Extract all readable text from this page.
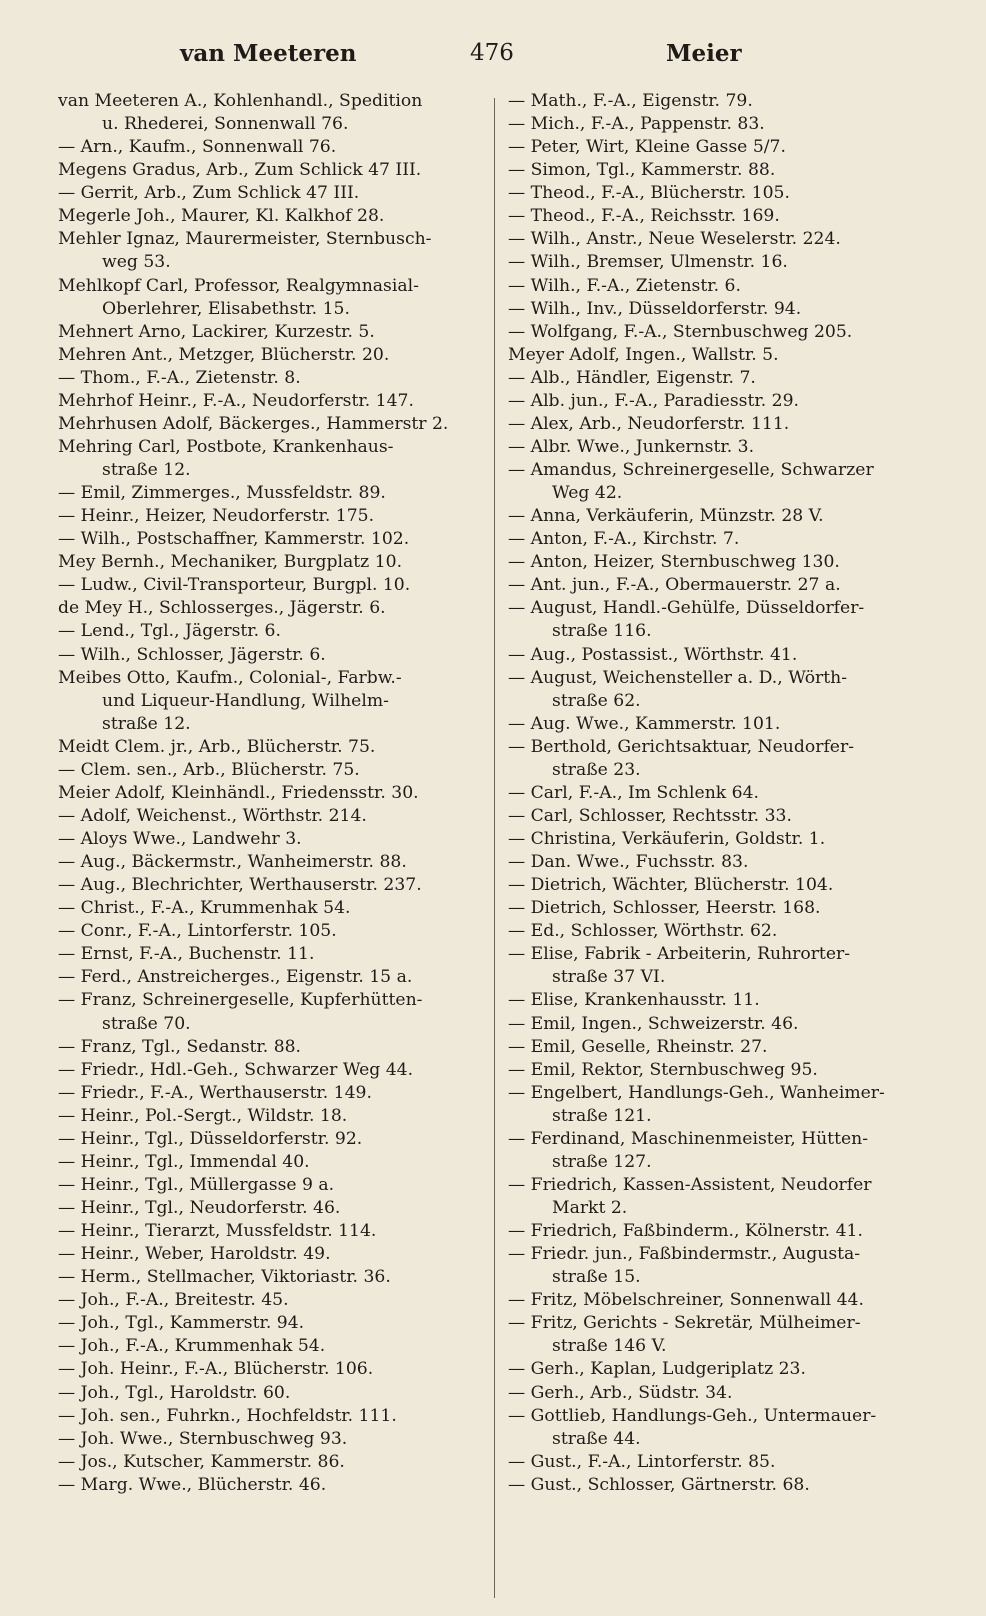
van Meeteren	476	Meier
van Meeteren A., Kohlenhandl., Spedition
u. Rhederei, Sonnenwall 76.
— Arn., Kaufm., Sonnenwall 76.
Megens Gradus, Arb., Zum Schlick 47 III.
— Gerrit, Arb., Zum Schlick 47 III.
Megerle Joh., Maurer, Kl. Kalkhof 28.
Mehler Ignaz, Maurermeister, Sternbusch-
weg 53.
Mehlkopf Carl, Professor, Realgymnasial-
Oberlehrer, Elisabethstr. 15.
Mehnert Arno, Lackirer, Kurzestr. 5.
Mehren Ant., Metzger, Blücherstr. 20.
— Thom., F.-A., Zietenstr. 8.
Mehrhof Heinr., F.-A., Neudorferstr. 147.
Mehrhusen Adolf, Bäckerges., Hammerstr 2.
Mehring Carl, Postbote, Krankenhaus-
straße 12.
— Emil, Zimmerges., Mussfeldstr. 89.
— Heinr., Heizer, Neudorferstr. 175.
— Wilh., Postschaffner, Kammerstr. 102.
Mey Bernh., Mechaniker, Burgplatz 10.
— Ludw., Civil-Transporteur, Burgpl. 10.
de Mey H., Schlosserges., Jägerstr. 6.
— Lend., Tgl., Jägerstr. 6.
— Wilh., Schlosser, Jägerstr. 6.
Meibes Otto, Kaufm., Colonial-, Farbw.-
und Liqueur-Handlung, Wilhelm-
straße 12.
Meidt Clem. jr., Arb., Blücherstr. 75.
— Clem. sen., Arb., Blücherstr. 75.
Meier Adolf, Kleinhändl., Friedensstr. 30.
— Adolf, Weichenst., Wörthstr. 214.
— Aloys Wwe., Landwehr 3.
— Aug., Bäckermstr., Wanheimerstr. 88.
— Aug., Blechrichter, Werthauserstr. 237.
— Christ., F.-A., Krummenhak 54.
— Conr., F.-A., Lintorferstr. 105.
— Ernst, F.-A., Buchenstr. 11.
— Ferd., Anstreicherges., Eigenstr. 15 a.
— Franz, Schreinergeselle, Kupferhütten-
straße 70.
— Franz, Tgl., Sedanstr. 88.
— Friedr., Hdl.-Geh., Schwarzer Weg 44.
— Friedr., F.-A., Werthauserstr. 149.
— Heinr., Pol.-Sergt., Wildstr. 18.
— Heinr., Tgl., Düsseldorferstr. 92.
— Heinr., Tgl., Immendal 40.
— Heinr., Tgl., Müllergasse 9 a.
— Heinr., Tgl., Neudorferstr. 46.
— Heinr., Tierarzt, Mussfeldstr. 114.
— Heinr., Weber, Haroldstr. 49.
— Herm., Stellmacher, Viktoriastr. 36.
— Joh., F.-A., Breitestr. 45.
— Joh., Tgl., Kammerstr. 94.
— Joh., F.-A., Krummenhak 54.
— Joh. Heinr., F.-A., Blücherstr. 106.
— Joh., Tgl., Haroldstr. 60.
— Joh. sen., Fuhrkn., Hochfeldstr. 111.
— Joh. Wwe., Sternbuschweg 93.
— Jos., Kutscher, Kammerstr. 86.
— Marg. Wwe., Blücherstr. 46.
— Math., F.-A., Eigenstr. 79.
— Mich., F.-A., Pappenstr. 83.
— Peter, Wirt, Kleine Gasse 5/7.
— Simon, Tgl., Kammerstr. 88.
— Theod., F.-A., Blücherstr. 105.
— Theod., F.-A., Reichsstr. 169.
— Wilh., Anstr., Neue Weselerstr. 224.
— Wilh., Bremser, Ulmenstr. 16.
— Wilh., F.-A., Zietenstr. 6.
— Wilh., Inv., Düsseldorferstr. 94.
— Wolfgang, F.-A., Sternbuschweg 205.
Meyer Adolf, Ingen., Wallstr. 5.
— Alb., Händler, Eigenstr. 7.
— Alb. jun., F.-A., Paradiesstr. 29.
— Alex, Arb., Neudorferstr. 111.
— Albr. Wwe., Junkernstr. 3.
— Amandus, Schreinergeselle, Schwarzer
Weg 42.
— Anna, Verkäuferin, Münzstr. 28 V.
— Anton, F.-A., Kirchstr. 7.
— Anton, Heizer, Sternbuschweg 130.
— Ant. jun., F.-A., Obermauerstr. 27 a.
— August, Handl.-Gehülfe, Düsseldorfer-
straße 116.
— Aug., Postassist., Wörthstr. 41.
— August, Weichensteller a. D., Wörth-
straße 62.
— Aug. Wwe., Kammerstr. 101.
— Berthold, Gerichtsaktuar, Neudorfer-
straße 23.
— Carl, F.-A., Im Schlenk 64.
— Carl, Schlosser, Rechtsstr. 33.
— Christina, Verkäuferin, Goldstr. 1.
— Dan. Wwe., Fuchsstr. 83.
— Dietrich, Wächter, Blücherstr. 104.
— Dietrich, Schlosser, Heerstr. 168.
— Ed., Schlosser, Wörthstr. 62.
— Elise, Fabrik - Arbeiterin, Ruhrorter-
straße 37 VI.
— Elise, Krankenhausstr. 11.
— Emil, Ingen., Schweizerstr. 46.
— Emil, Geselle, Rheinstr. 27.
— Emil, Rektor, Sternbuschweg 95.
— Engelbert, Handlungs-Geh., Wanheimer-
straße 121.
— Ferdinand, Maschinenmeister, Hütten-
straße 127.
— Friedrich, Kassen-Assistent, Neudorfer
Markt 2.
— Friedrich, Faßbinderm., Kölnerstr. 41.
— Friedr. jun., Faßbindermstr., Augusta-
straße 15.
— Fritz, Möbelschreiner, Sonnenwall 44.
— Fritz, Gerichts - Sekretär, Mülheimer-
straße 146 V.
— Gerh., Kaplan, Ludgeriplatz 23.
— Gerh., Arb., Südstr. 34.
— Gottlieb, Handlungs-Geh., Untermauer-
straße 44.
— Gust., F.-A., Lintorferstr. 85.
— Gust., Schlosser, Gärtnerstr. 68.
